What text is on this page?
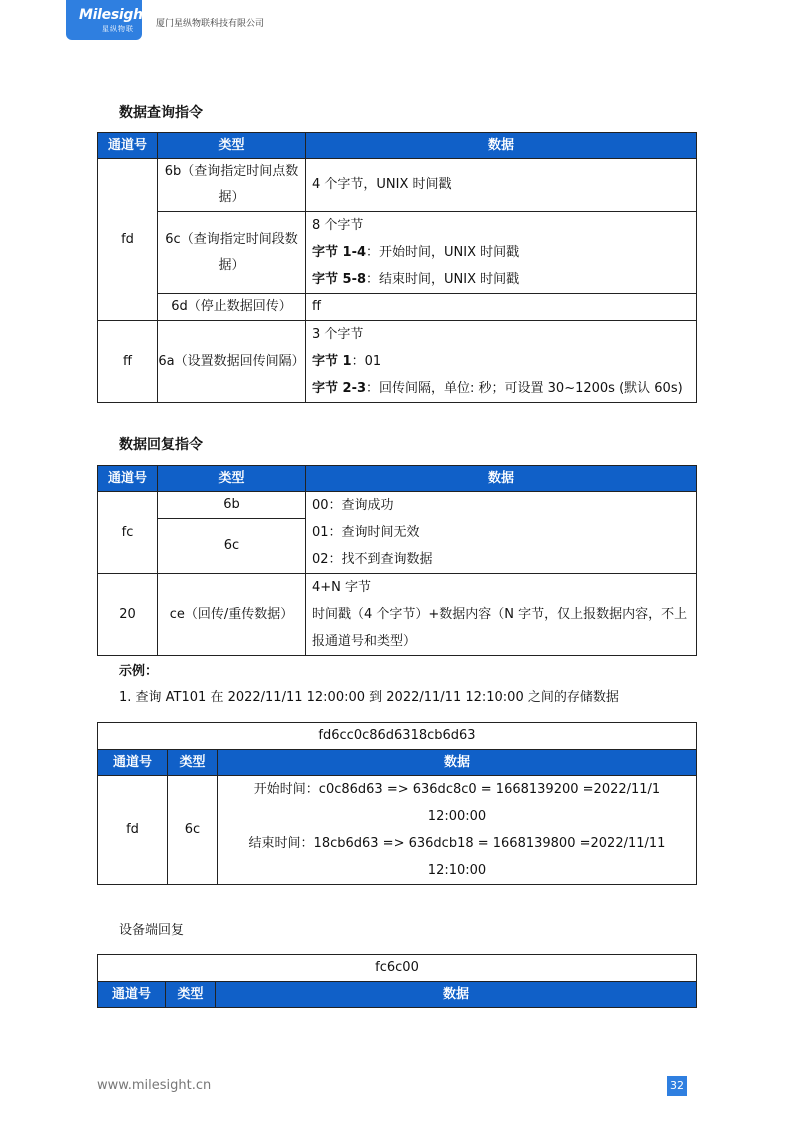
Milesight
星纵物联 厦门星纵物联科技有限公司
数据查询指令
通道号	类型	数据
fd	6b（查询指定时间点数据）	4 个字节，UNIX 时间戳
	6c（查询指定时间段数据）	8 个字节
字节 1-4：开始时间，UNIX 时间戳
字节 5-8：结束时间，UNIX 时间戳

	6d（停止数据回传）	ff
ff	6a（设置数据回传间隔）	3 个字节
字节 1：01
字节 2-3：回传间隔，单位: 秒；可设置 30~1200s (默认 60s)
数据回复指令
通道号	类型	数据
fc	6b	00：查询成功
01：查询时间无效
02：找不到查询数据

	6c	
20	ce（回传/重传数据）	4+N 字节
时间戳（4 个字节）+数据内容（N 字节，仅上报数据内容，不上报通道号和类型）
示例：
1. 查询 AT101 在 2022/11/11 12:00:00 到 2022/11/11 12:10:00 之间的存储数据
fd6cc0c86d6318cb6d63		
通道号	类型	数据
fd	6c	开始时间：c0c86d63 => 636dc8c0 = 1668139200 =2022/11/1
12:00:00
结束时间：18cb6d63 => 636dcb18 = 1668139800 =2022/11/11
12:10:00
设备端回复
fc6c00
通道号	类型	数据
www.milesight.cn	32
